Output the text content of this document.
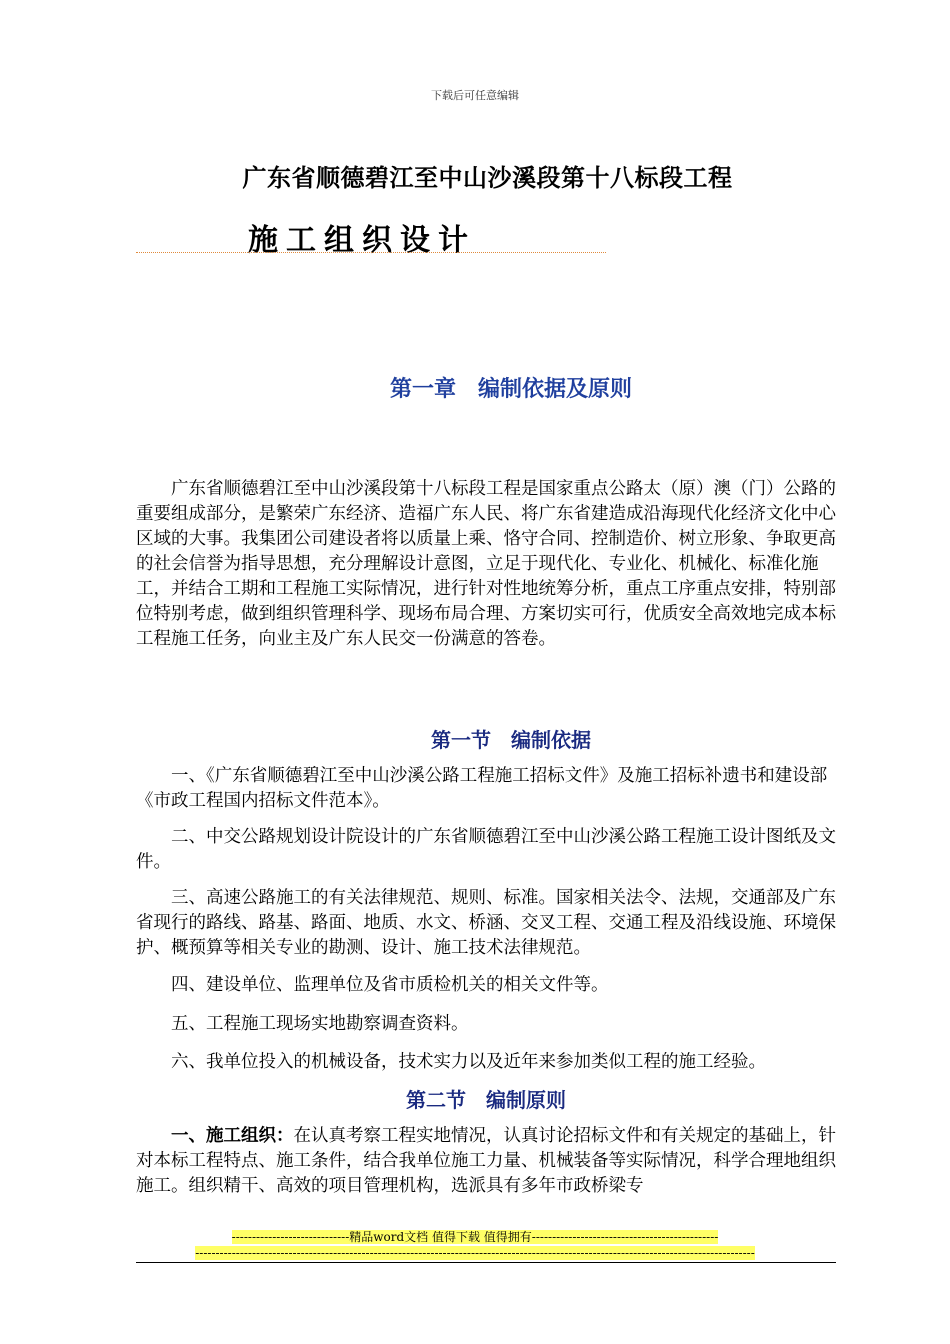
下载后可任意编辑
广东省顺德碧江至中山沙溪段第十八标段工程
施工组织设计
第一章　编制依据及原则
广东省顺德碧江至中山沙溪段第十八标段工程是国家重点公路太（原）澳（门）公路的重要组成部分，是繁荣广东经济、造福广东人民、将广东省建造成沿海现代化经济文化中心区域的大事。我集团公司建设者将以质量上乘、恪守合同、控制造价、树立形象、争取更高的社会信誉为指导思想，充分理解设计意图，立足于现代化、专业化、机械化、标准化施工，并结合工期和工程施工实际情况，进行针对性地统筹分析，重点工序重点安排，特别部位特别考虑，做到组织管理科学、现场布局合理、方案切实可行，优质安全高效地完成本标工程施工任务，向业主及广东人民交一份满意的答卷。
第一节　编制依据
一、《广东省顺德碧江至中山沙溪公路工程施工招标文件》及施工招标补遗书和建设部《市政工程国内招标文件范本》。
二、中交公路规划设计院设计的广东省顺德碧江至中山沙溪公路工程施工设计图纸及文件。
三、高速公路施工的有关法律规范、规则、标准。国家相关法令、法规，交通部及广东省现行的路线、路基、路面、地质、水文、桥涵、交叉工程、交通工程及沿线设施、环境保护、概预算等相关专业的勘测、设计、施工技术法律规范。
四、建设单位、监理单位及省市质检机关的相关文件等。
五、工程施工现场实地勘察调查资料。
六、我单位投入的机械设备，技术实力以及近年来参加类似工程的施工经验。
第二节　编制原则
一、施工组织：在认真考察工程实地情况，认真讨论招标文件和有关规定的基础上，针对本标工程特点、施工条件，结合我单位施工力量、机械装备等实际情况，科学合理地组织施工。组织精干、高效的项目管理机构，选派具有多年市政桥梁专
-----------------------------精品word文档 值得下载 值得拥有----------------------------------------------
------------------------------------------------------------------------------------------------------------------------------------------
